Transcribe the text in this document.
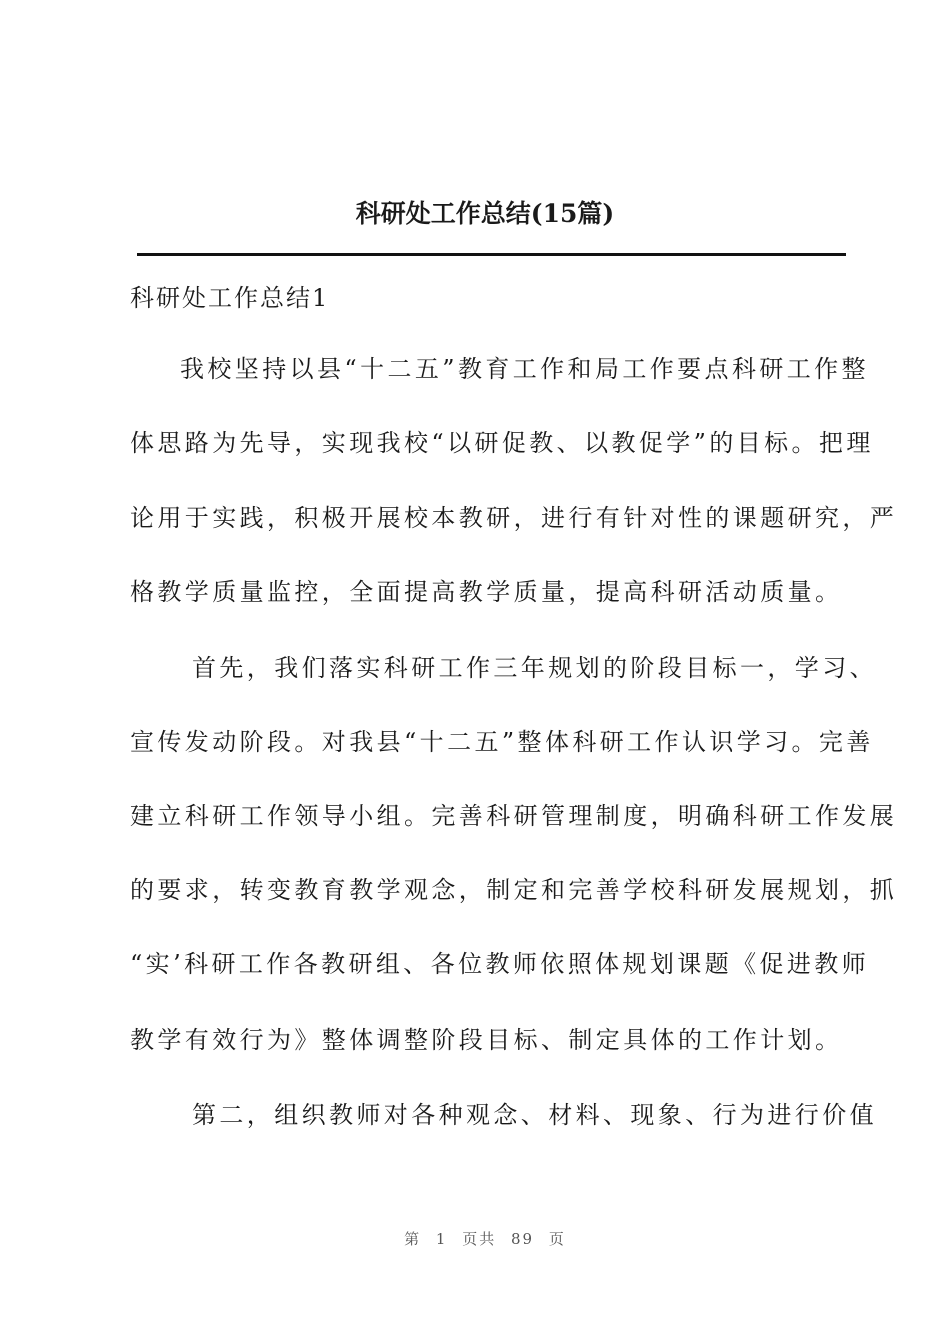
科研处工作总结(15篇)
科研处工作总结1
我校坚持以县“十二五”教育工作和局工作要点科研工作整
体思路为先导，实现我校“以研促教、以教促学”的目标。把理
论用于实践，积极开展校本教研，进行有针对性的课题研究，严
格教学质量监控，全面提高教学质量，提高科研活动质量。
首先，我们落实科研工作三年规划的阶段目标一，学习、
宣传发动阶段。对我县“十二五”整体科研工作认识学习。完善
建立科研工作领导小组。完善科研管理制度，明确科研工作发展
的要求，转变教育教学观念，制定和完善学校科研发展规划，抓
“实’科研工作各教研组、各位教师依照体规划课题《促进教师
教学有效行为》整体调整阶段目标、制定具体的工作计划。
第二，组织教师对各种观念、材料、现象、行为进行价值
第 1 页共 89 页
